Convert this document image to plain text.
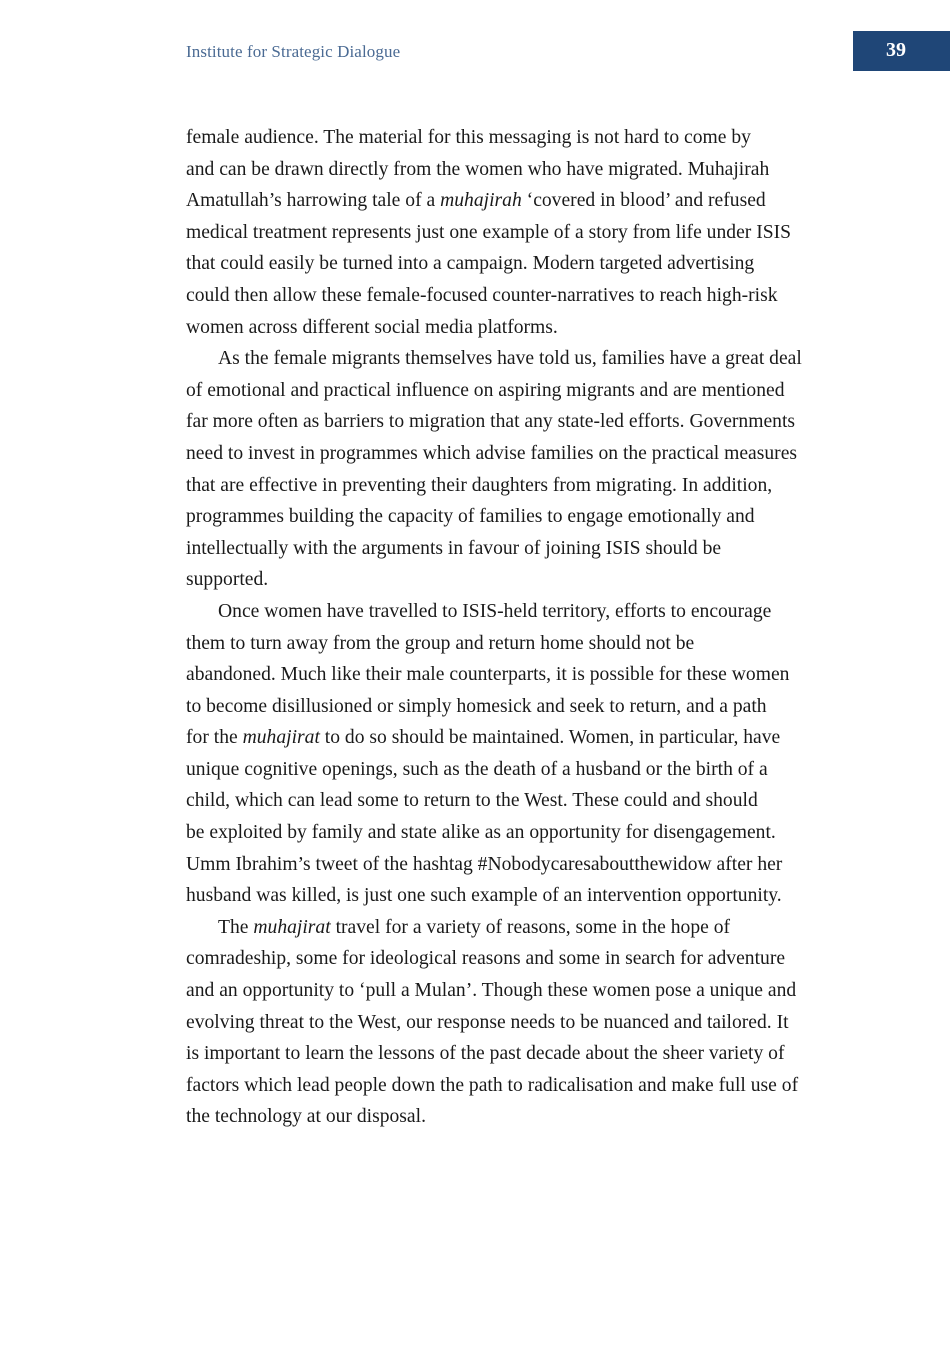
Institute for Strategic Dialogue	39

female audience. The material for this messaging is not hard to come by
and can be drawn directly from the women who have migrated. Muhajirah
Amatullah’s harrowing tale of a muhajirah ‘covered in blood’ and refused
medical treatment represents just one example of a story from life under ISIS
that could easily be turned into a campaign. Modern targeted advertising
could then allow these female-focused counter-narratives to reach high-risk
women across different social media platforms.

As the female migrants themselves have told us, families have a great deal
of emotional and practical influence on aspiring migrants and are mentioned
far more often as barriers to migration that any state-led efforts. Governments
need to invest in programmes which advise families on the practical measures
that are effective in preventing their daughters from migrating. In addition,
programmes building the capacity of families to engage emotionally and
intellectually with the arguments in favour of joining ISIS should be
supported.

Once women have travelled to ISIS-held territory, efforts to encourage
them to turn away from the group and return home should not be
abandoned. Much like their male counterparts, it is possible for these women
to become disillusioned or simply homesick and seek to return, and a path
for the muhajirat to do so should be maintained. Women, in particular, have
unique cognitive openings, such as the death of a husband or the birth of a
child, which can lead some to return to the West. These could and should
be exploited by family and state alike as an opportunity for disengagement.
Umm Ibrahim’s tweet of the hashtag #Nobodycaresaboutthewidow after her
husband was killed, is just one such example of an intervention opportunity.

The muhajirat travel for a variety of reasons, some in the hope of
comradeship, some for ideological reasons and some in search for adventure
and an opportunity to ‘pull a Mulan’. Though these women pose a unique and
evolving threat to the West, our response needs to be nuanced and tailored. It
is important to learn the lessons of the past decade about the sheer variety of
factors which lead people down the path to radicalisation and make full use of
the technology at our disposal.
